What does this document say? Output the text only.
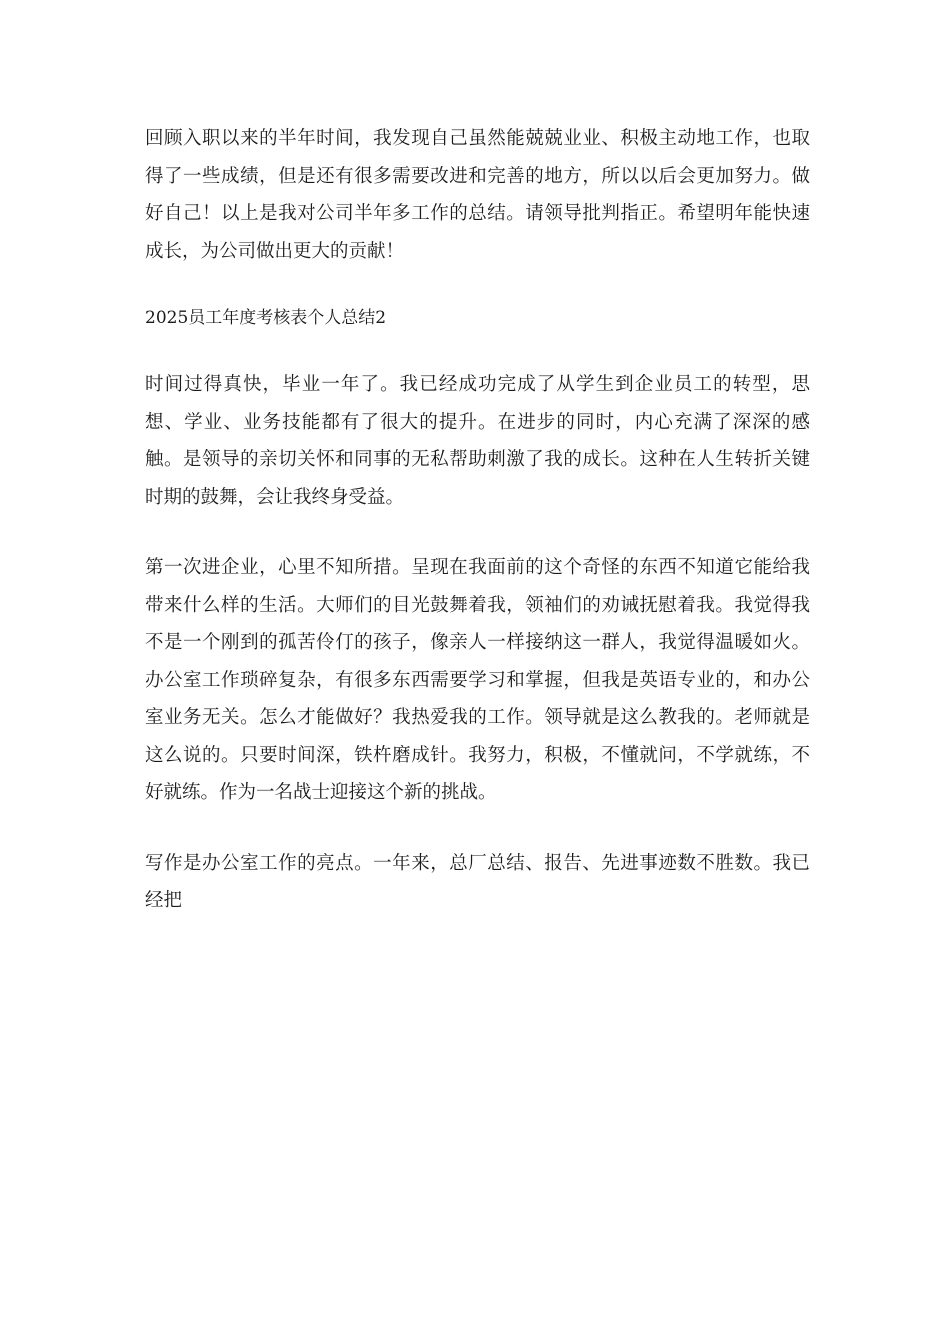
回顾入职以来的半年时间，我发现自己虽然能兢兢业业、积极主动地工作，也取得了一些成绩，但是还有很多需要改进和完善的地方，所以以后会更加努力。做好自己！以上是我对公司半年多工作的总结。请领导批判指正。希望明年能快速成长，为公司做出更大的贡献！

2025员工年度考核表个人总结2

时间过得真快，毕业一年了。我已经成功完成了从学生到企业员工的转型，思想、学业、业务技能都有了很大的提升。在进步的同时，内心充满了深深的感触。是领导的亲切关怀和同事的无私帮助刺激了我的成长。这种在人生转折关键时期的鼓舞，会让我终身受益。

第一次进企业，心里不知所措。呈现在我面前的这个奇怪的东西不知道它能给我带来什么样的生活。大师们的目光鼓舞着我，领袖们的劝诫抚慰着我。我觉得我不是一个刚到的孤苦伶仃的孩子，像亲人一样接纳这一群人，我觉得温暖如火。办公室工作琐碎复杂，有很多东西需要学习和掌握，但我是英语专业的，和办公室业务无关。怎么才能做好？我热爱我的工作。领导就是这么教我的。老师就是这么说的。只要时间深，铁杵磨成针。我努力，积极，不懂就问，不学就练，不好就练。作为一名战士迎接这个新的挑战。

写作是办公室工作的亮点。一年来，总厂总结、报告、先进事迹数不胜数。我已经把
